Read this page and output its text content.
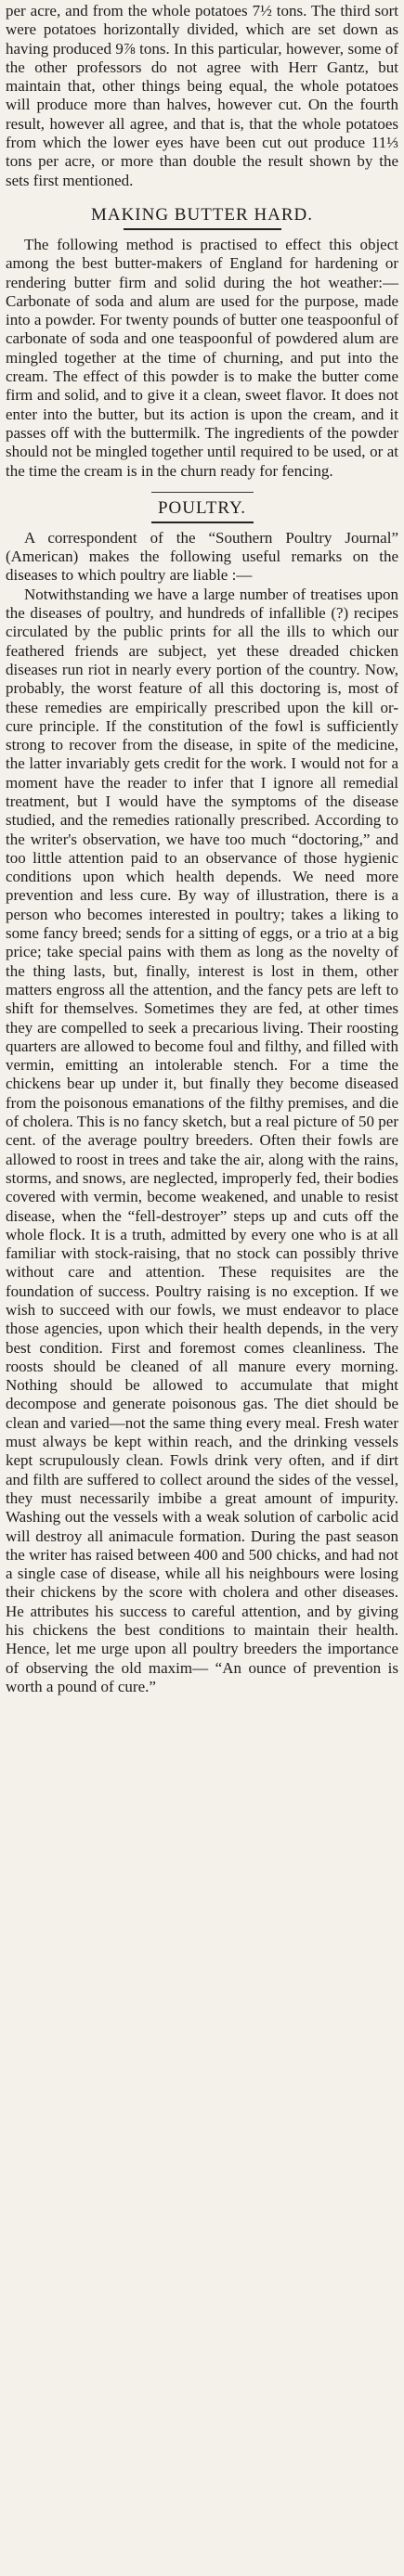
per acre, and from the whole potatoes 7½ tons. The third sort were potatoes horizontally divided, which are set down as having produced 9⅞ tons. In this particular, however, some of the other professors do not agree with Herr Gantz, but maintain that, other things being equal, the whole potatoes will produce more than halves, however cut. On the fourth result, however all agree, and that is, that the whole potatoes from which the lower eyes have been cut out produce 11⅓ tons per acre, or more than double the result shown by the sets first mentioned.

MAKING BUTTER HARD.

The following method is practised to effect this object among the best butter-makers of England for hardening or rendering butter firm and solid during the hot weather:— Carbonate of soda and alum are used for the purpose, made into a powder. For twenty pounds of butter one teaspoonful of carbonate of soda and one teaspoonful of powdered alum are mingled together at the time of churning, and put into the cream. The effect of this powder is to make the butter come firm and solid, and to give it a clean, sweet flavor. It does not enter into the butter, but its action is upon the cream, and it passes off with the buttermilk. The ingredients of the powder should not be mingled together until required to be used, or at the time the cream is in the churn ready for fencing.

POULTRY.

A correspondent of the “Southern Poultry Journal” (American) makes the following useful remarks on the diseases to which poultry are liable :—

Notwithstanding we have a large number of treatises upon the diseases of poultry, and hundreds of infallible (?) recipes circulated by the public prints for all the ills to which our feathered friends are subject, yet these dreaded chicken diseases run riot in nearly every portion of the country. Now, probably, the worst feature of all this doctoring is, most of these remedies are empirically prescribed upon the kill or-cure principle. If the constitution of the fowl is sufficiently strong to recover from the disease, in spite of the medicine, the latter invariably gets credit for the work. I would not for a moment have the reader to infer that I ignore all remedial treatment, but I would have the symptoms of the disease studied, and the remedies rationally prescribed. According to the writer's observation, we have too much “doctoring,” and too little attention paid to an observance of those hygienic conditions upon which health depends. We need more prevention and less cure. By way of illustration, there is a person who becomes interested in poultry; takes a liking to some fancy breed; sends for a sitting of eggs, or a trio at a big price; take special pains with them as long as the novelty of the thing lasts, but, finally, interest is lost in them, other matters engross all the attention, and the fancy pets are left to shift for themselves. Sometimes they are fed, at other times they are compelled to seek a precarious living. Their roosting quarters are allowed to become foul and filthy, and filled with vermin, emitting an intolerable stench. For a time the chickens bear up under it, but finally they become diseased from the poisonous emanations of the filthy premises, and die of cholera. This is no fancy sketch, but a real picture of 50 per cent. of the average poultry breeders. Often their fowls are allowed to roost in trees and take the air, along with the rains, storms, and snows, are neglected, improperly fed, their bodies covered with vermin, become weakened, and unable to resist disease, when the “fell-destroyer” steps up and cuts off the whole flock. It is a truth, admitted by every one who is at all familiar with stock-raising, that no stock can possibly thrive without care and attention. These requisites are the foundation of success. Poultry raising is no exception. If we wish to succeed with our fowls, we must endeavor to place those agencies, upon which their health depends, in the very best condition. First and foremost comes cleanliness. The roosts should be cleaned of all manure every morning. Nothing should be allowed to accumulate that might decompose and generate poisonous gas. The diet should be clean and varied—not the same thing every meal. Fresh water must always be kept within reach, and the drinking vessels kept scrupulously clean. Fowls drink very often, and if dirt and filth are suffered to collect around the sides of the vessel, they must necessarily imbibe a great amount of impurity. Washing out the vessels with a weak solution of carbolic acid will destroy all animacule formation. During the past season the writer has raised between 400 and 500 chicks, and had not a single case of disease, while all his neighbours were losing their chickens by the score with cholera and other diseases. He attributes his success to careful attention, and by giving his chickens the best conditions to maintain their health. Hence, let me urge upon all poultry breeders the importance of observing the old maxim— “An ounce of prevention is worth a pound of cure.”
